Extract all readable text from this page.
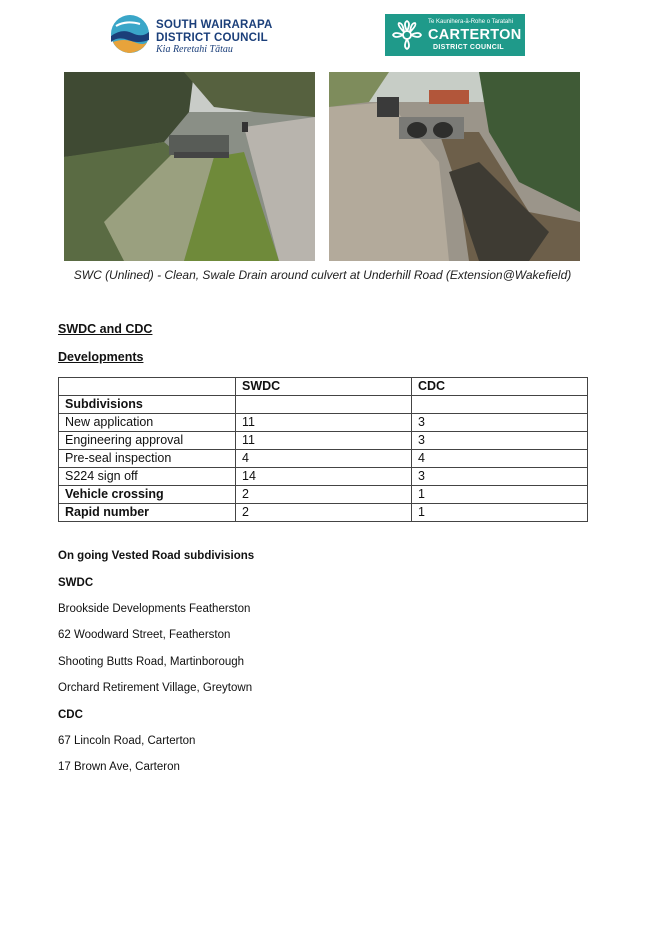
SOUTH WAIRARAPA
DISTRICT COUNCIL
Kia Reretahi Tātau
Te Kaunihera-ā-Rohe o Taratahi
CARTERTON
DISTRICT COUNCIL
SWC (Unlined) - Clean, Swale Drain around culvert at Underhill Road (Extension@Wakefield)
SWDC and CDC
Developments
	SWDC	CDC
Subdivisions		
New application	11	3
Engineering approval	11	3
Pre-seal inspection	4	4
S224 sign off	14	3
Vehicle crossing	2	1
Rapid number	2	1
On going Vested Road subdivisions
SWDC
Brookside Developments Featherston
62 Woodward Street, Featherston
Shooting Butts Road, Martinborough
Orchard Retirement Village, Greytown
CDC
67 Lincoln Road, Carterton
17 Brown Ave, Carteron
